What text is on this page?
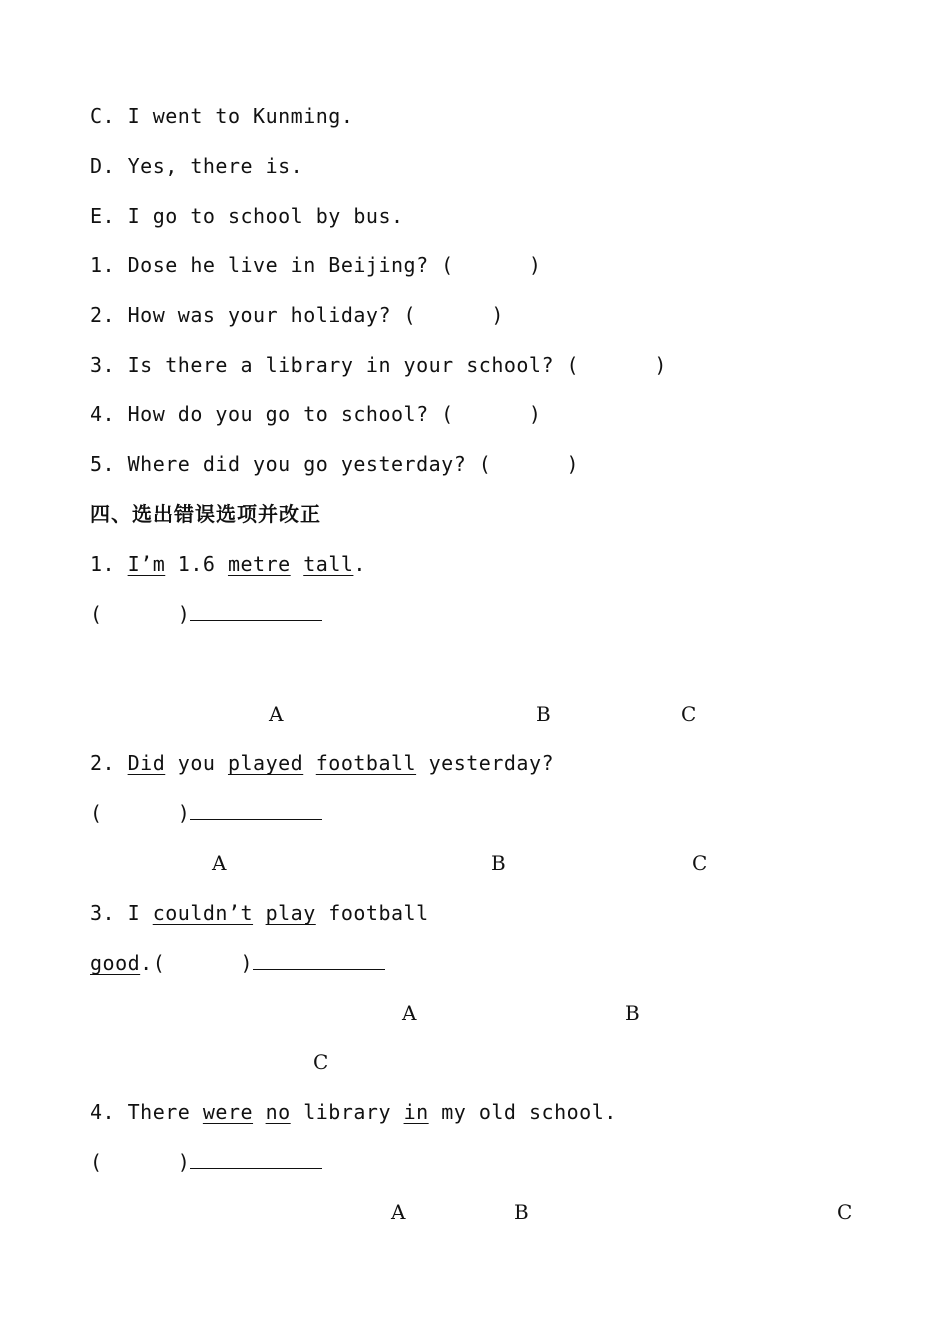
C. I went to Kunming.
D. Yes, there is.
E. I go to school by bus.
1. Dose he live in Beijing? (      )
2. How was your holiday? (      )
3. Is there a library in your school? (      )
4. How do you go to school? (      )
5. Where did you go yesterday? (      )
四、选出错误选项并改正
1. I’m 1.6 metre tall.
(      )
A	B	C
2. Did you played football yesterday?
(      )
A	B	C
3. I couldn’t play football
good.(      )
A	B
C
4. There were no library in my old school.
(      )
A	B	C
